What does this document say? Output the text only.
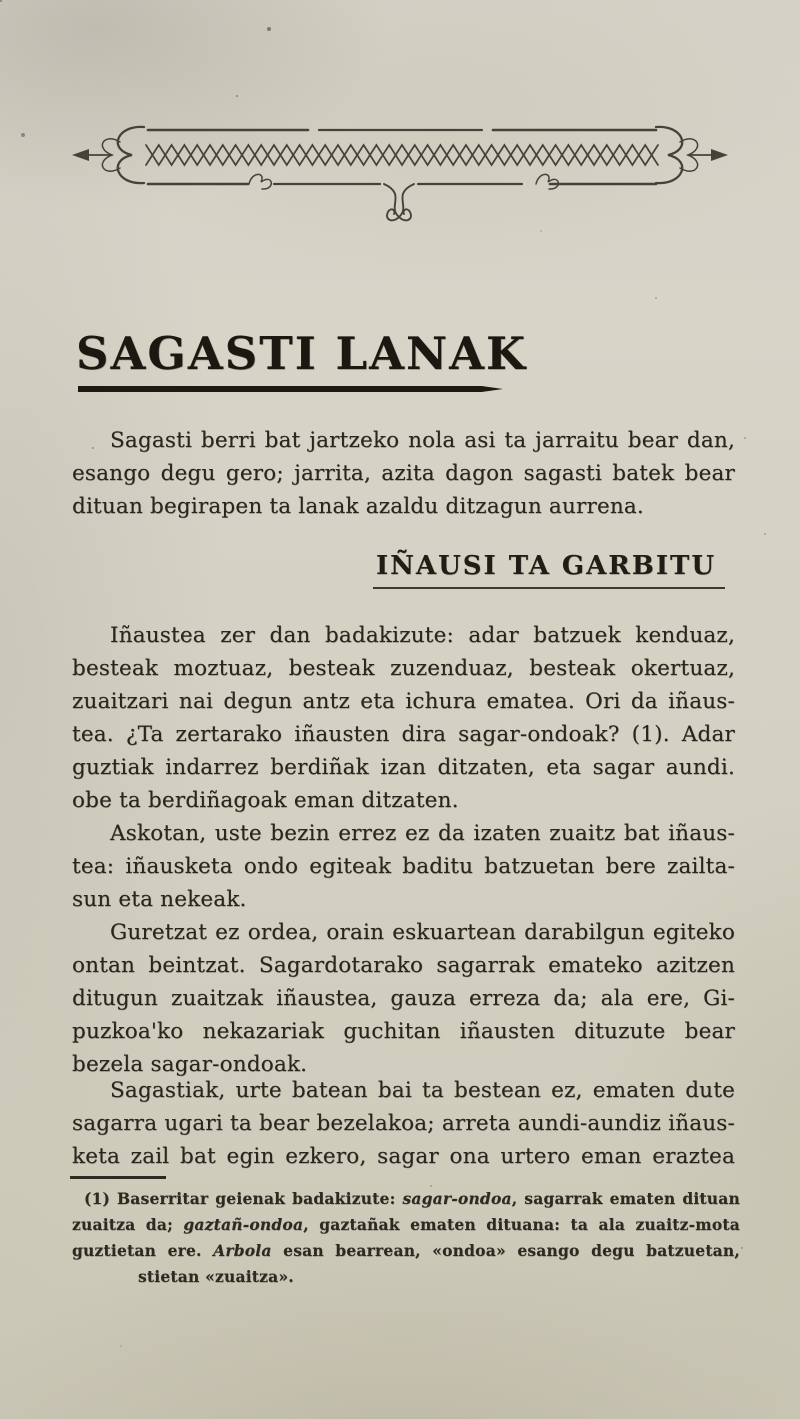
SAGASTI LANAK
Sagasti berri bat jartzeko nola asi ta jarraitu bear dan,
esango degu gero; jarrita, azita dagon sagasti batek bear
dituan begirapen ta lanak azaldu ditzagun aurrena.
IÑAUSI TA GARBITU
Iñaustea zer dan badakizute: adar batzuek kenduaz,
besteak moztuaz, besteak zuzenduaz, besteak okertuaz,
zuaitzari nai degun antz eta ichura ematea. Ori da iñaus-
tea. ¿Ta zertarako iñausten dira sagar-ondoak? (1). Adar
guztiak indarrez berdiñak izan ditzaten, eta sagar aundi.
obe ta berdiñagoak eman ditzaten.
Askotan, uste bezin errez ez da izaten zuaitz bat iñaus-
tea: iñausketa ondo egiteak baditu batzuetan bere zailta-
sun eta nekeak.
Guretzat ez ordea, orain eskuartean darabilgun egiteko
ontan beintzat. Sagardotarako sagarrak emateko azitzen
ditugun zuaitzak iñaustea, gauza erreza da; ala ere, Gi-
puzkoa'ko nekazariak guchitan iñausten dituzute bear
bezela sagar-ondoak.
Sagastiak, urte batean bai ta bestean ez, ematen dute
sagarra ugari ta bear bezelakoa; arreta aundi-aundiz iñaus-
keta zail bat egin ezkero, sagar ona urtero eman eraztea
(1) Baserritar geienak badakizute: sagar-ondoa, sagarrak ematen dituan
zuaitza da; gaztañ-ondoa, gaztañak ematen dituana: ta ala zuaitz-mota
guztietan ere. Arbola esan bearrean, «ondoa» esango degu batzuetan,
stietan «zuaitza».
